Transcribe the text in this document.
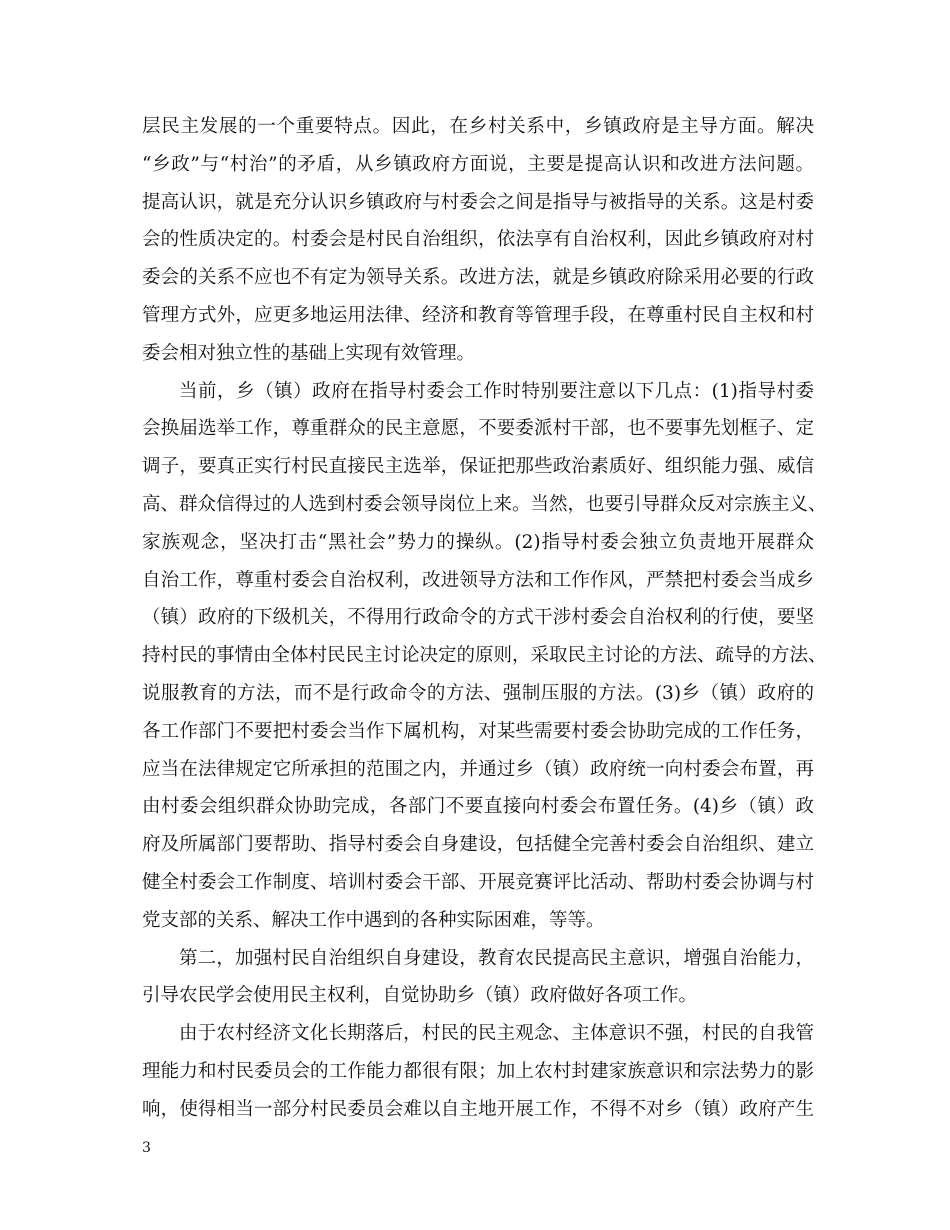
层民主发展的一个重要特点。因此，在乡村关系中，乡镇政府是主导方面。解决
“乡政”与“村治”的矛盾，从乡镇政府方面说，主要是提高认识和改进方法问题。
提高认识，就是充分认识乡镇政府与村委会之间是指导与被指导的关系。这是村委
会的性质决定的。村委会是村民自治组织，依法享有自治权利，因此乡镇政府对村
委会的关系不应也不有定为领导关系。改进方法，就是乡镇政府除采用必要的行政
管理方式外，应更多地运用法律、经济和教育等管理手段，在尊重村民自主权和村
委会相对独立性的基础上实现有效管理。
当前，乡（镇）政府在指导村委会工作时特别要注意以下几点：(1)指导村委
会换届选举工作，尊重群众的民主意愿，不要委派村干部，也不要事先划框子、定
调子，要真正实行村民直接民主选举，保证把那些政治素质好、组织能力强、威信
高、群众信得过的人选到村委会领导岗位上来。当然，也要引导群众反对宗族主义、
家族观念，坚决打击“黑社会”势力的操纵。(2)指导村委会独立负责地开展群众
自治工作，尊重村委会自治权利，改进领导方法和工作作风，严禁把村委会当成乡
（镇）政府的下级机关，不得用行政命令的方式干涉村委会自治权利的行使，要坚
持村民的事情由全体村民民主讨论决定的原则，采取民主讨论的方法、疏导的方法、
说服教育的方法，而不是行政命令的方法、强制压服的方法。(3)乡（镇）政府的
各工作部门不要把村委会当作下属机构，对某些需要村委会协助完成的工作任务，
应当在法律规定它所承担的范围之内，并通过乡（镇）政府统一向村委会布置，再
由村委会组织群众协助完成，各部门不要直接向村委会布置任务。(4)乡（镇）政
府及所属部门要帮助、指导村委会自身建设，包括健全完善村委会自治组织、建立
健全村委会工作制度、培训村委会干部、开展竞赛评比活动、帮助村委会协调与村
党支部的关系、解决工作中遇到的各种实际困难，等等。
第二，加强村民自治组织自身建设，教育农民提高民主意识，增强自治能力，
引导农民学会使用民主权利，自觉协助乡（镇）政府做好各项工作。
由于农村经济文化长期落后，村民的民主观念、主体意识不强，村民的自我管
理能力和村民委员会的工作能力都很有限；加上农村封建家族意识和宗法势力的影
响，使得相当一部分村民委员会难以自主地开展工作，不得不对乡（镇）政府产生
3
